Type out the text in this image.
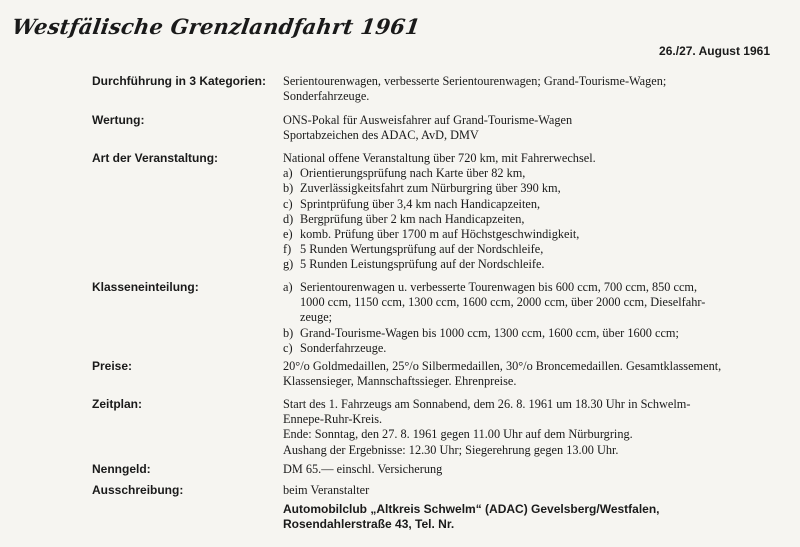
Westfälische Grenzlandfahrt 1961
26./27. August 1961
Durchführung in 3 Kategorien: Serientourenwagen, verbesserte Serientourenwagen; Grand-Tourisme-Wagen;
Sonderfahrzeuge.
Wertung:	ONS-Pokal für Ausweisfahrer auf Grand-Tourisme-Wagen
Sportabzeichen des ADAC, AvD, DMV
Art der Veranstaltung:	National offene Veranstaltung über 720 km, mit Fahrerwechsel.
a) Orientierungsprüfung nach Karte über 82 km,
b) Zuverlässigkeitsfahrt zum Nürburgring über 390 km,
c) Sprintprüfung über 3,4 km nach Handicapzeiten,
d) Bergprüfung über 2 km nach Handicapzeiten,
e) komb. Prüfung über 1700 m auf Höchstgeschwindigkeit,
f) 5 Runden Wertungsprüfung auf der Nordschleife,
g) 5 Runden Leistungsprüfung auf der Nordschleife.
Klasseneinteilung:	a) Serientourenwagen u. verbesserte Tourenwagen bis 600 ccm, 700 ccm, 850 ccm,
1000 ccm, 1150 ccm, 1300 ccm, 1600 ccm, 2000 ccm, über 2000 ccm, Dieselfahr-
zeuge;
b) Grand-Tourisme-Wagen bis 1000 ccm, 1300 ccm, 1600 ccm, über 1600 ccm;
c) Sonderfahrzeuge.
Preise:	20°/o Goldmedaillen, 25°/o Silbermedaillen, 30°/o Broncemedaillen. Gesamtklassement,
Klassensieger, Mannschaftssieger. Ehrenpreise.
Zeitplan:	Start des 1. Fahrzeugs am Sonnabend, dem 26. 8. 1961 um 18.30 Uhr in Schwelm-
Ennepe-Ruhr-Kreis.
Ende: Sonntag, den 27. 8. 1961 gegen 11.00 Uhr auf dem Nürburgring.
Aushang der Ergebnisse: 12.30 Uhr; Siegerehrung gegen 13.00 Uhr.
Nenngeld:	DM 65.— einschl. Versicherung
Ausschreibung:	beim Veranstalter
Automobilclub „Altkreis Schwelm“ (ADAC) Gevelsberg/Westfalen,
Rosendahlerstraße 43, Tel. Nr.
